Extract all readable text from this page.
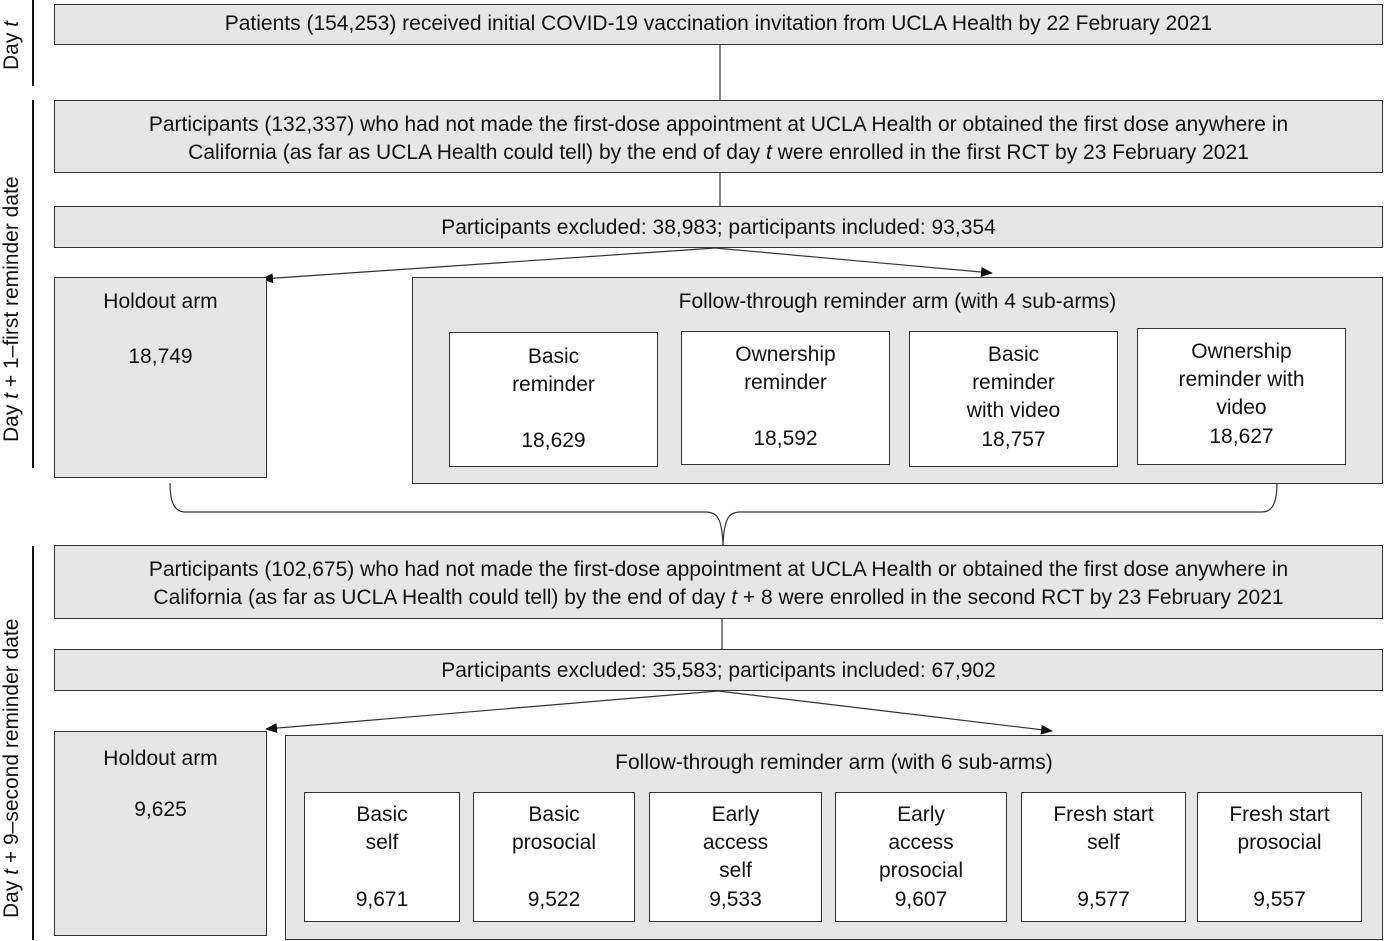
Day t
Day t + 1–first reminder date
Day t + 9–second reminder date
Patients (154,253) received initial COVID-19 vaccination invitation from UCLA Health by 22 February 2021
Participants (132,337) who had not made the first-dose appointment at UCLA Health or obtained the first dose anywhere in
California (as far as UCLA Health could tell) by the end of day t were enrolled in the first RCT by 23 February 2021
Participants excluded: 38,983; participants included: 93,354
Holdout arm
18,749
Follow-through reminder arm (with 4 sub-arms)
Basic
reminder
18,629
Ownership
reminder
18,592
Basic
reminder
with video
18,757
Ownership
reminder with
video
18,627
Participants (102,675) who had not made the first-dose appointment at UCLA Health or obtained the first dose anywhere in
California (as far as UCLA Health could tell) by the end of day t + 8 were enrolled in the second RCT by 23 February 2021
Participants excluded: 35,583; participants included: 67,902
Holdout arm
9,625
Follow-through reminder arm (with 6 sub-arms)
Basic
self
9,671
Basic
prosocial
9,522
Early
access
self
9,533
Early
access
prosocial
9,607
Fresh start
self
9,577
Fresh start
prosocial
9,557
